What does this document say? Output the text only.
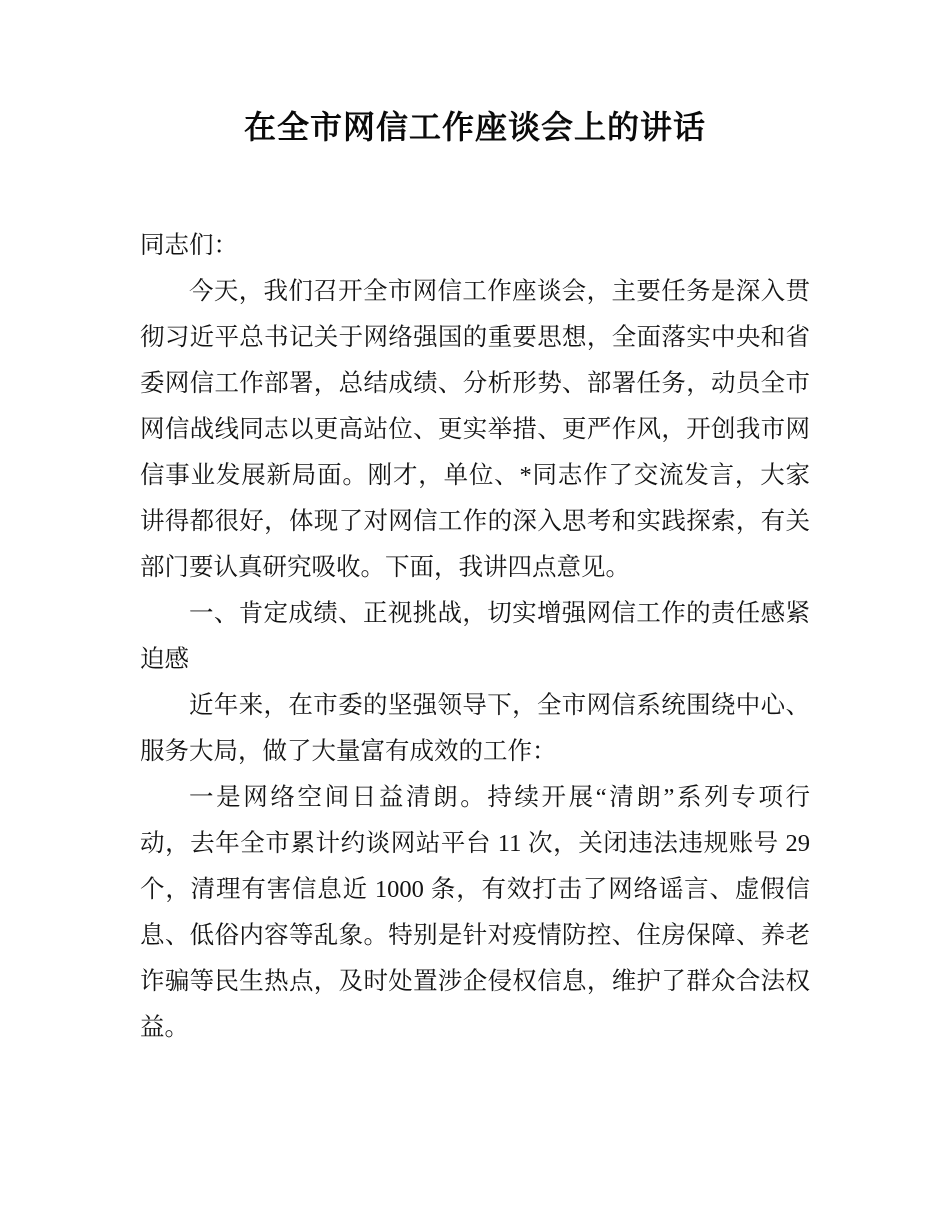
在全市网信工作座谈会上的讲话

同志们：

今天，我们召开全市网信工作座谈会，主要任务是深入贯
彻习近平总书记关于网络强国的重要思想，全面落实中央和省
委网信工作部署，总结成绩、分析形势、部署任务，动员全市
网信战线同志以更高站位、更实举措、更严作风，开创我市网
信事业发展新局面。刚才，单位、*同志作了交流发言，大家
讲得都很好，体现了对网信工作的深入思考和实践探索，有关
部门要认真研究吸收。下面，我讲四点意见。
一、肯定成绩、正视挑战，切实增强网信工作的责任感紧
迫感
近年来，在市委的坚强领导下，全市网信系统围绕中心、
服务大局，做了大量富有成效的工作：
一是网络空间日益清朗。持续开展“清朗”系列专项行
动，去年全市累计约谈网站平台 11 次，关闭违法违规账号 29
个，清理有害信息近 1000 条，有效打击了网络谣言、虚假信
息、低俗内容等乱象。特别是针对疫情防控、住房保障、养老
诈骗等民生热点，及时处置涉企侵权信息，维护了群众合法权
益。
